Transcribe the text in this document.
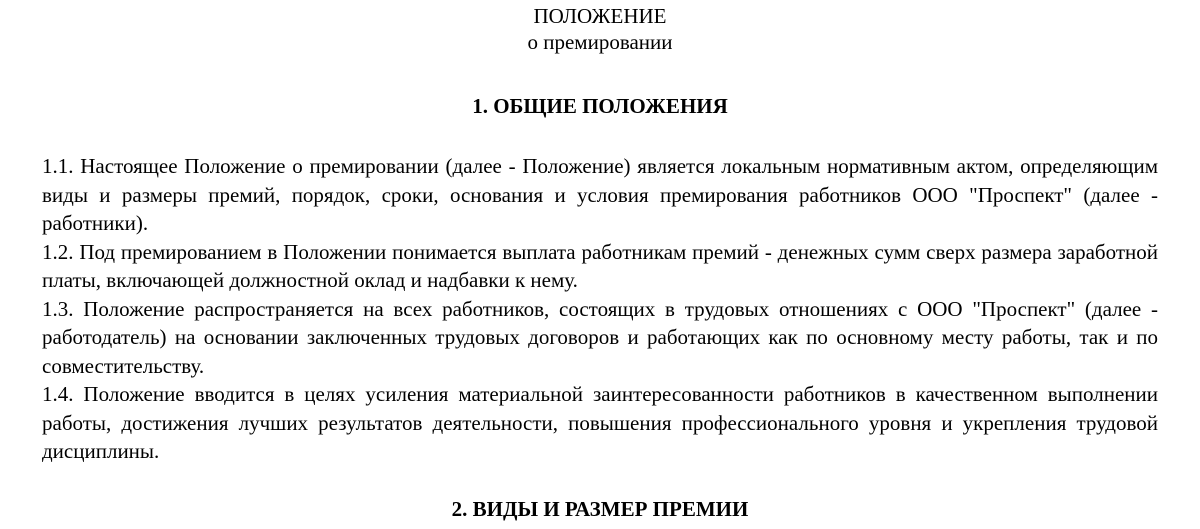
ПОЛОЖЕНИЕ
о премировании
1. ОБЩИЕ ПОЛОЖЕНИЯ

1.1. Настоящее Положение о премировании (далее - Положение) является локальным нормативным актом, определяющим виды и размеры премий, порядок, сроки, основания и условия премирования работников ООО "Проспект" (далее - работники).

1.2. Под премированием в Положении понимается выплата работникам премий - денежных сумм сверх размера заработной платы, включающей должностной оклад и надбавки к нему.

1.3. Положение распространяется на всех работников, состоящих в трудовых отношениях с ООО "Проспект" (далее - работодатель) на основании заключенных трудовых договоров и работающих как по основному месту работы, так и по совместительству.

1.4. Положение вводится в целях усиления материальной заинтересованности работников в качественном выполнении работы, достижения лучших результатов деятельности, повышения профессионального уровня и укрепления трудовой дисциплины.

2. ВИДЫ И РАЗМЕР ПРЕМИИ
